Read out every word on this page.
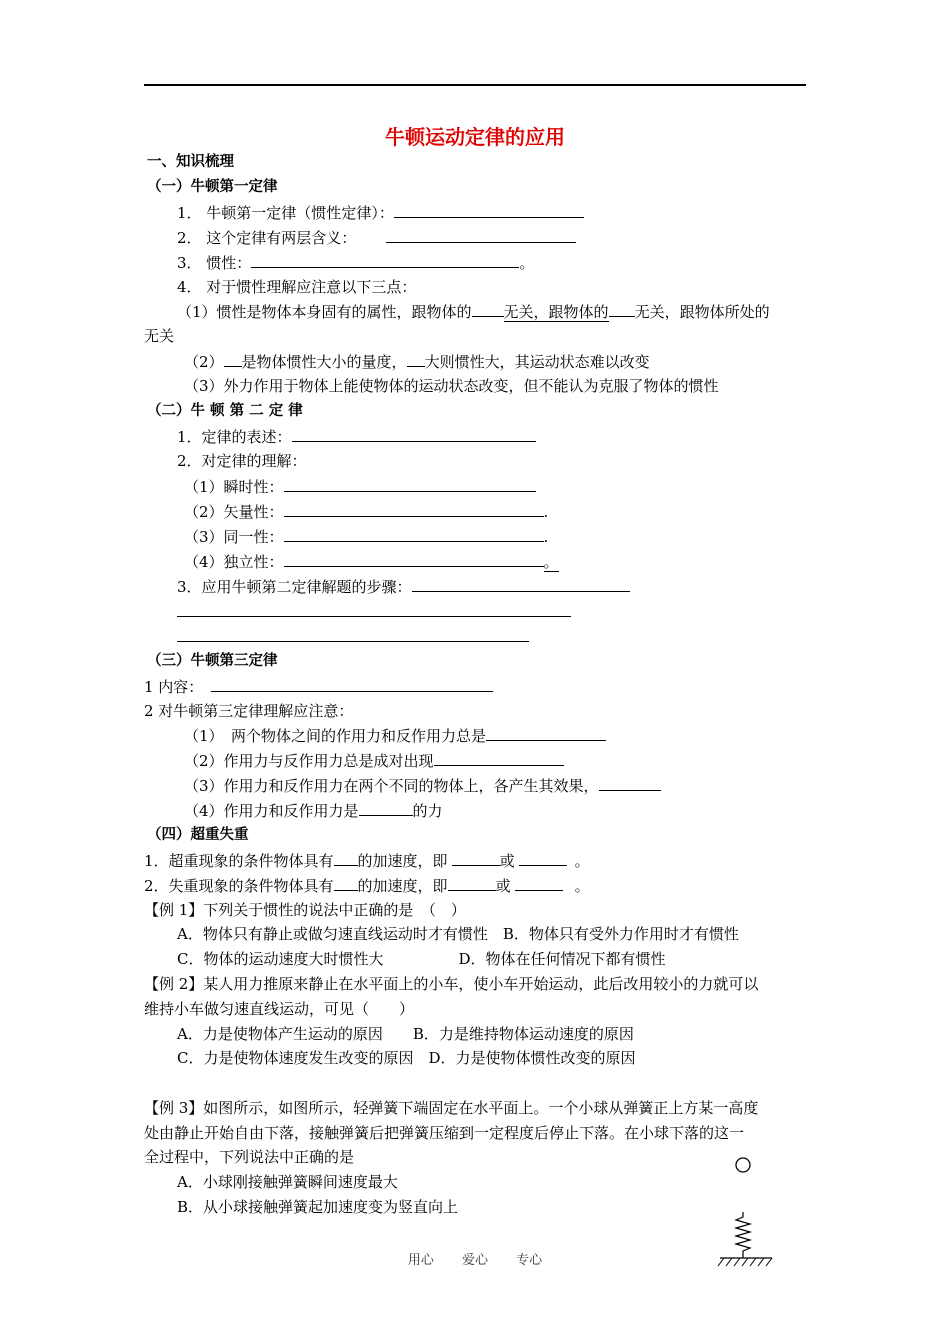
牛顿运动定律的应用
一、知识梳理
（一）牛顿第一定律
1． 牛顿第一定律（惯性定律）：
2． 这个定律有两层含义：
3． 惯性：	。
4． 对于惯性理解应注意以下三点：
（1）惯性是物体本身固有的属性，跟物体的 无关，跟物体的 无关，跟物体所处的
无关
（2） 是物体惯性大小的量度， 大则惯性大，其运动状态难以改变
（3）外力作用于物体上能使物体的运动状态改变，但不能认为克服了物体的惯性
（二）牛 顿 第 二 定 律
1．定律的表述：
2．对定律的理解：
（1）瞬时性：
（2）矢量性：	.
（3）同一性：	.
（4）独立性：	。
3．应用牛顿第二定律解题的步骤：
（三）牛顿第三定律
1 内容：
2 对牛顿第三定律理解应注意：
（1）　两个物体之间的作用力和反作用力总是
（2）作用力与反作用力总是成对出现
（3）作用力和反作用力在两个不同的物体上，各产生其效果，
（4）作用力和反作用力是	的力
（四）超重失重
1．超重现象的条件物体具有 的加速度，即	或	。
2．失重现象的条件物体具有 的加速度，即	或	。
【例 1】下列关于惯性的说法中正确的是　（　）
A．物体只有静止或做匀速直线运动时才有惯性　B．物体只有受外力作用时才有惯性
C．物体的运动速度大时惯性大　　　　　D．物体在任何情况下都有惯性
【例 2】某人用力推原来静止在水平面上的小车，使小车开始运动，此后改用较小的力就可以
维持小车做匀速直线运动，可见（　　）
A．力是使物体产生运动的原因　　B．力是维持物体运动速度的原因
C．力是使物体速度发生改变的原因　D．力是使物体惯性改变的原因
【例 3】如图所示，如图所示，轻弹簧下端固定在水平面上。一个小球从弹簧正上方某一高度
处由静止开始自由下落，接触弹簧后把弹簧压缩到一定程度后停止下落。在小球下落的这一
全过程中，下列说法中正确的是
A．小球刚接触弹簧瞬间速度最大
B．从小球接触弹簧起加速度变为竖直向上
用心 爱心 专心
